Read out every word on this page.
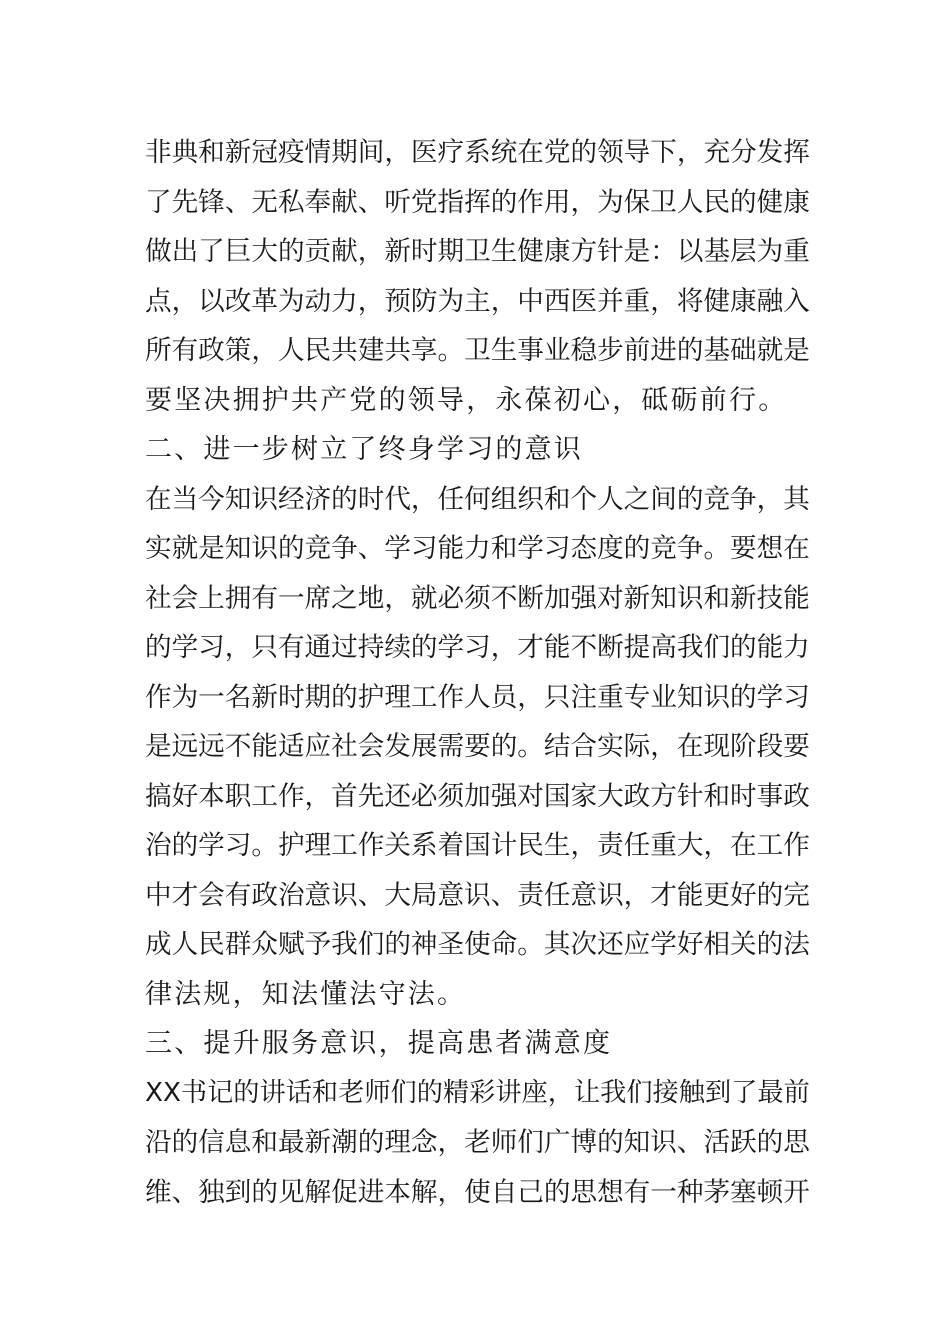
非典和新冠疫情期间，医疗系统在党的领导下，充分发挥
了先锋、无私奉献、听党指挥的作用，为保卫人民的健康
做出了巨大的贡献，新时期卫生健康方针是：以基层为重
点，以改革为动力，预防为主，中西医并重，将健康融入
所有政策，人民共建共享。卫生事业稳步前进的基础就是
要坚决拥护共产党的领导，永葆初心，砥砺前行。
二、进一步树立了终身学习的意识
在当今知识经济的时代，任何组织和个人之间的竞争，其
实就是知识的竞争、学习能力和学习态度的竞争。要想在
社会上拥有一席之地，就必须不断加强对新知识和新技能
的学习，只有通过持续的学习，才能不断提高我们的能力
作为一名新时期的护理工作人员，只注重专业知识的学习
是远远不能适应社会发展需要的。结合实际，在现阶段要
搞好本职工作，首先还必须加强对国家大政方针和时事政
治的学习。护理工作关系着国计民生，责任重大，在工作
中才会有政治意识、大局意识、责任意识，才能更好的完
成人民群众赋予我们的神圣使命。其次还应学好相关的法
律法规，知法懂法守法。
三、提升服务意识，提高患者满意度
XX书记的讲话和老师们的精彩讲座，让我们接触到了最前
沿的信息和最新潮的理念，老师们广博的知识、活跃的思
维、独到的见解促进本解，使自己的思想有一种茅塞顿开
